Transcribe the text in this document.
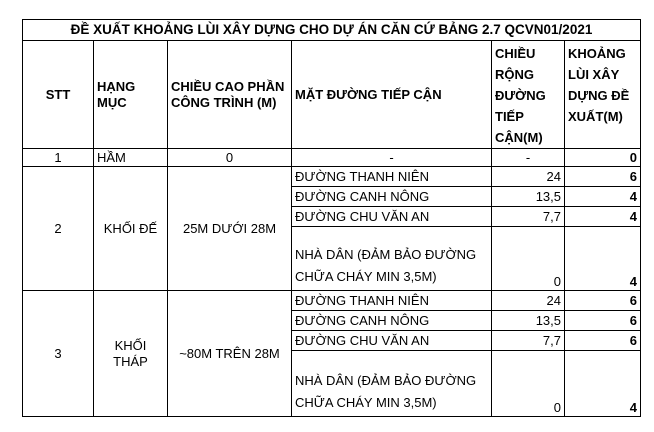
ĐỀ XUẤT KHOẢNG LÙI XÂY DỰNG CHO DỰ ÁN CĂN CỨ BẢNG 2.7 QCVN01/2021					
STT	HẠNG MỤC	CHIỀU CAO PHẦN CÔNG TRÌNH (M)	MẶT ĐƯỜNG TIẾP CẬN	CHIỀU RỘNG ĐƯỜNG TIẾP CẬN(M)	KHOẢNG LÙI XÂY DỰNG ĐỀ XUẤT(M)
1	HẦM	0	-	-	0
2	KHỐI ĐẾ	25M DƯỚI 28M	ĐƯỜNG THANH NIÊN	24	6
			ĐƯỜNG CANH NÔNG	13,5	4
			ĐƯỜNG CHU VĂN AN	7,7	4
			NHÀ DÂN (ĐẢM BẢO ĐƯỜNG CHỮA CHÁY MIN 3,5M)	0	4
3	KHỐI THÁP	~80M TRÊN 28M	ĐƯỜNG THANH NIÊN	24	6
			ĐƯỜNG CANH NÔNG	13,5	6
			ĐƯỜNG CHU VĂN AN	7,7	6
			NHÀ DÂN (ĐẢM BẢO ĐƯỜNG CHỮA CHÁY MIN 3,5M)	0	4
